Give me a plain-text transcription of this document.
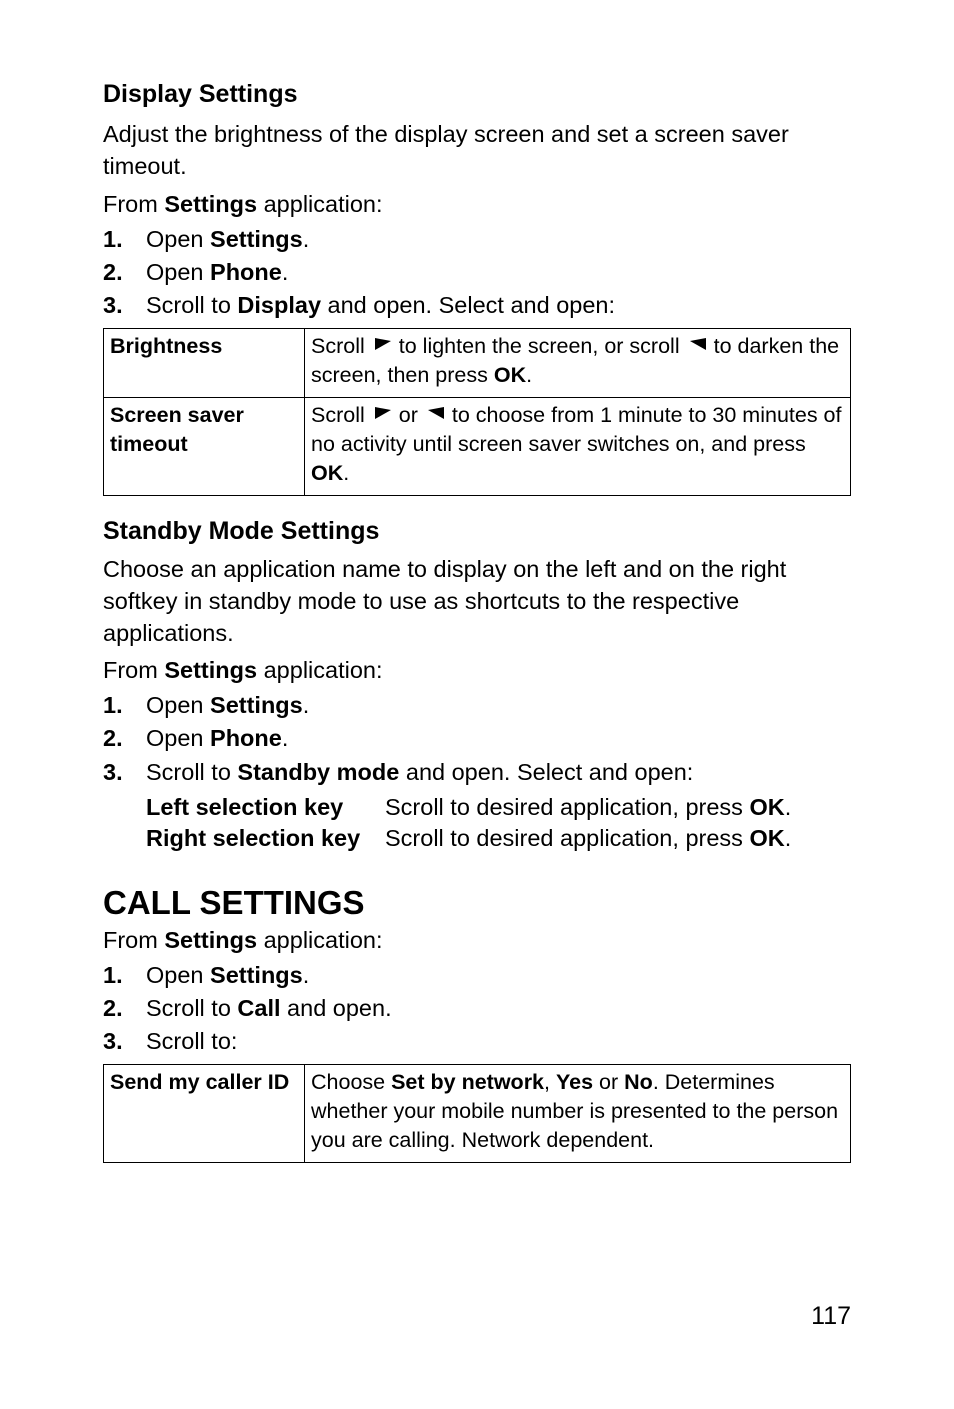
Display Settings
Adjust the brightness of the display screen and set a screen saver timeout.
From Settings application:
1. Open Settings.
2. Open Phone.
3. Scroll to Display and open. Select and open:
Brightness	Scroll to lighten the screen, or scroll to darken the screen, then press OK.
Screen saver timeout	Scroll or to choose from 1 minute to 30 minutes of no activity until screen saver switches on, and press OK.
Standby Mode Settings
Choose an application name to display on the left and on the right softkey in standby mode to use as shortcuts to the respective applications.
From Settings application:
1. Open Settings.
2. Open Phone.
3. Scroll to Standby mode and open. Select and open:
Left selection key Scroll to desired application, press OK.
Right selection key Scroll to desired application, press OK.
CALL SETTINGS
From Settings application:
1. Open Settings.
2. Scroll to Call and open.
3. Scroll to:
Send my caller ID	Choose Set by network, Yes or No. Determines whether your mobile number is presented to the person you are calling. Network dependent.
117
